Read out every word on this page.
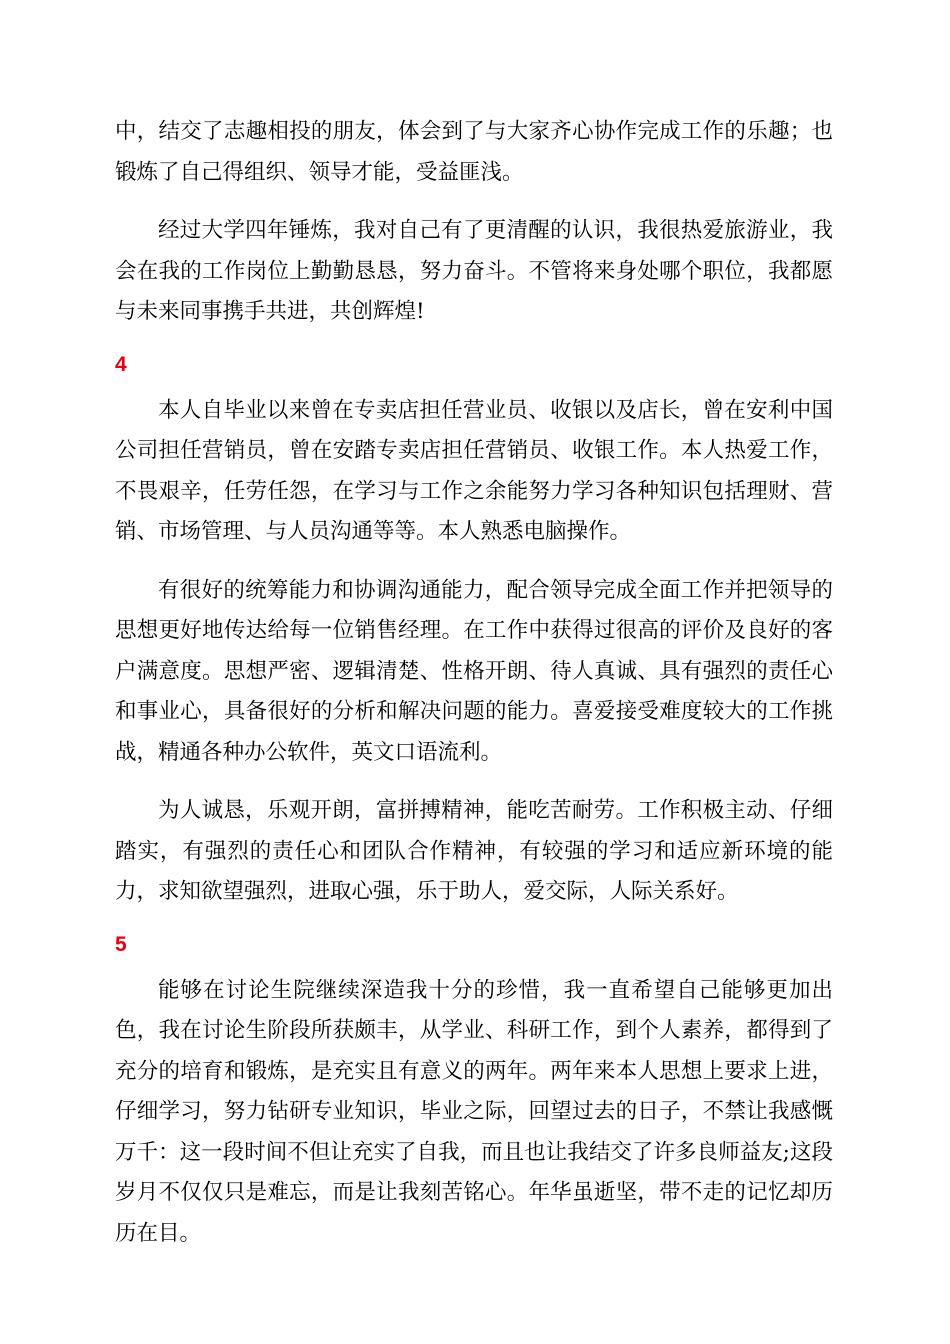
中，结交了志趣相投的朋友，体会到了与大家齐心协作完成工作的乐趣；也锻炼了自己得组织、领导才能，受益匪浅。

经过大学四年锤炼，我对自己有了更清醒的认识，我很热爱旅游业，我会在我的工作岗位上勤勤恳恳，努力奋斗。不管将来身处哪个职位，我都愿与未来同事携手共进，共创辉煌!

4

本人自毕业以来曾在专卖店担任营业员、收银以及店长，曾在安利中国公司担任营销员，曾在安踏专卖店担任营销员、收银工作。本人热爱工作，不畏艰辛，任劳任怨，在学习与工作之余能努力学习各种知识包括理财、营销、市场管理、与人员沟通等等。本人熟悉电脑操作。

有很好的统筹能力和协调沟通能力，配合领导完成全面工作并把领导的思想更好地传达给每一位销售经理。在工作中获得过很高的评价及良好的客户满意度。思想严密、逻辑清楚、性格开朗、待人真诚、具有强烈的责任心和事业心，具备很好的分析和解决问题的能力。喜爱接受难度较大的工作挑战，精通各种办公软件，英文口语流利。

为人诚恳，乐观开朗，富拼搏精神，能吃苦耐劳。工作积极主动、仔细踏实，有强烈的责任心和团队合作精神，有较强的学习和适应新环境的能力，求知欲望强烈，进取心强，乐于助人，爱交际，人际关系好。

5

能够在讨论生院继续深造我十分的珍惜，我一直希望自己能够更加出色，我在讨论生阶段所获颇丰，从学业、科研工作，到个人素养，都得到了充分的培育和锻炼，是充实且有意义的两年。两年来本人思想上要求上进，仔细学习，努力钻研专业知识，毕业之际，回望过去的日子，不禁让我感慨万千：这一段时间不但让充实了自我，而且也让我结交了许多良师益友;这段岁月不仅仅只是难忘，而是让我刻苦铭心。年华虽逝坚，带不走的记忆却历历在目。
